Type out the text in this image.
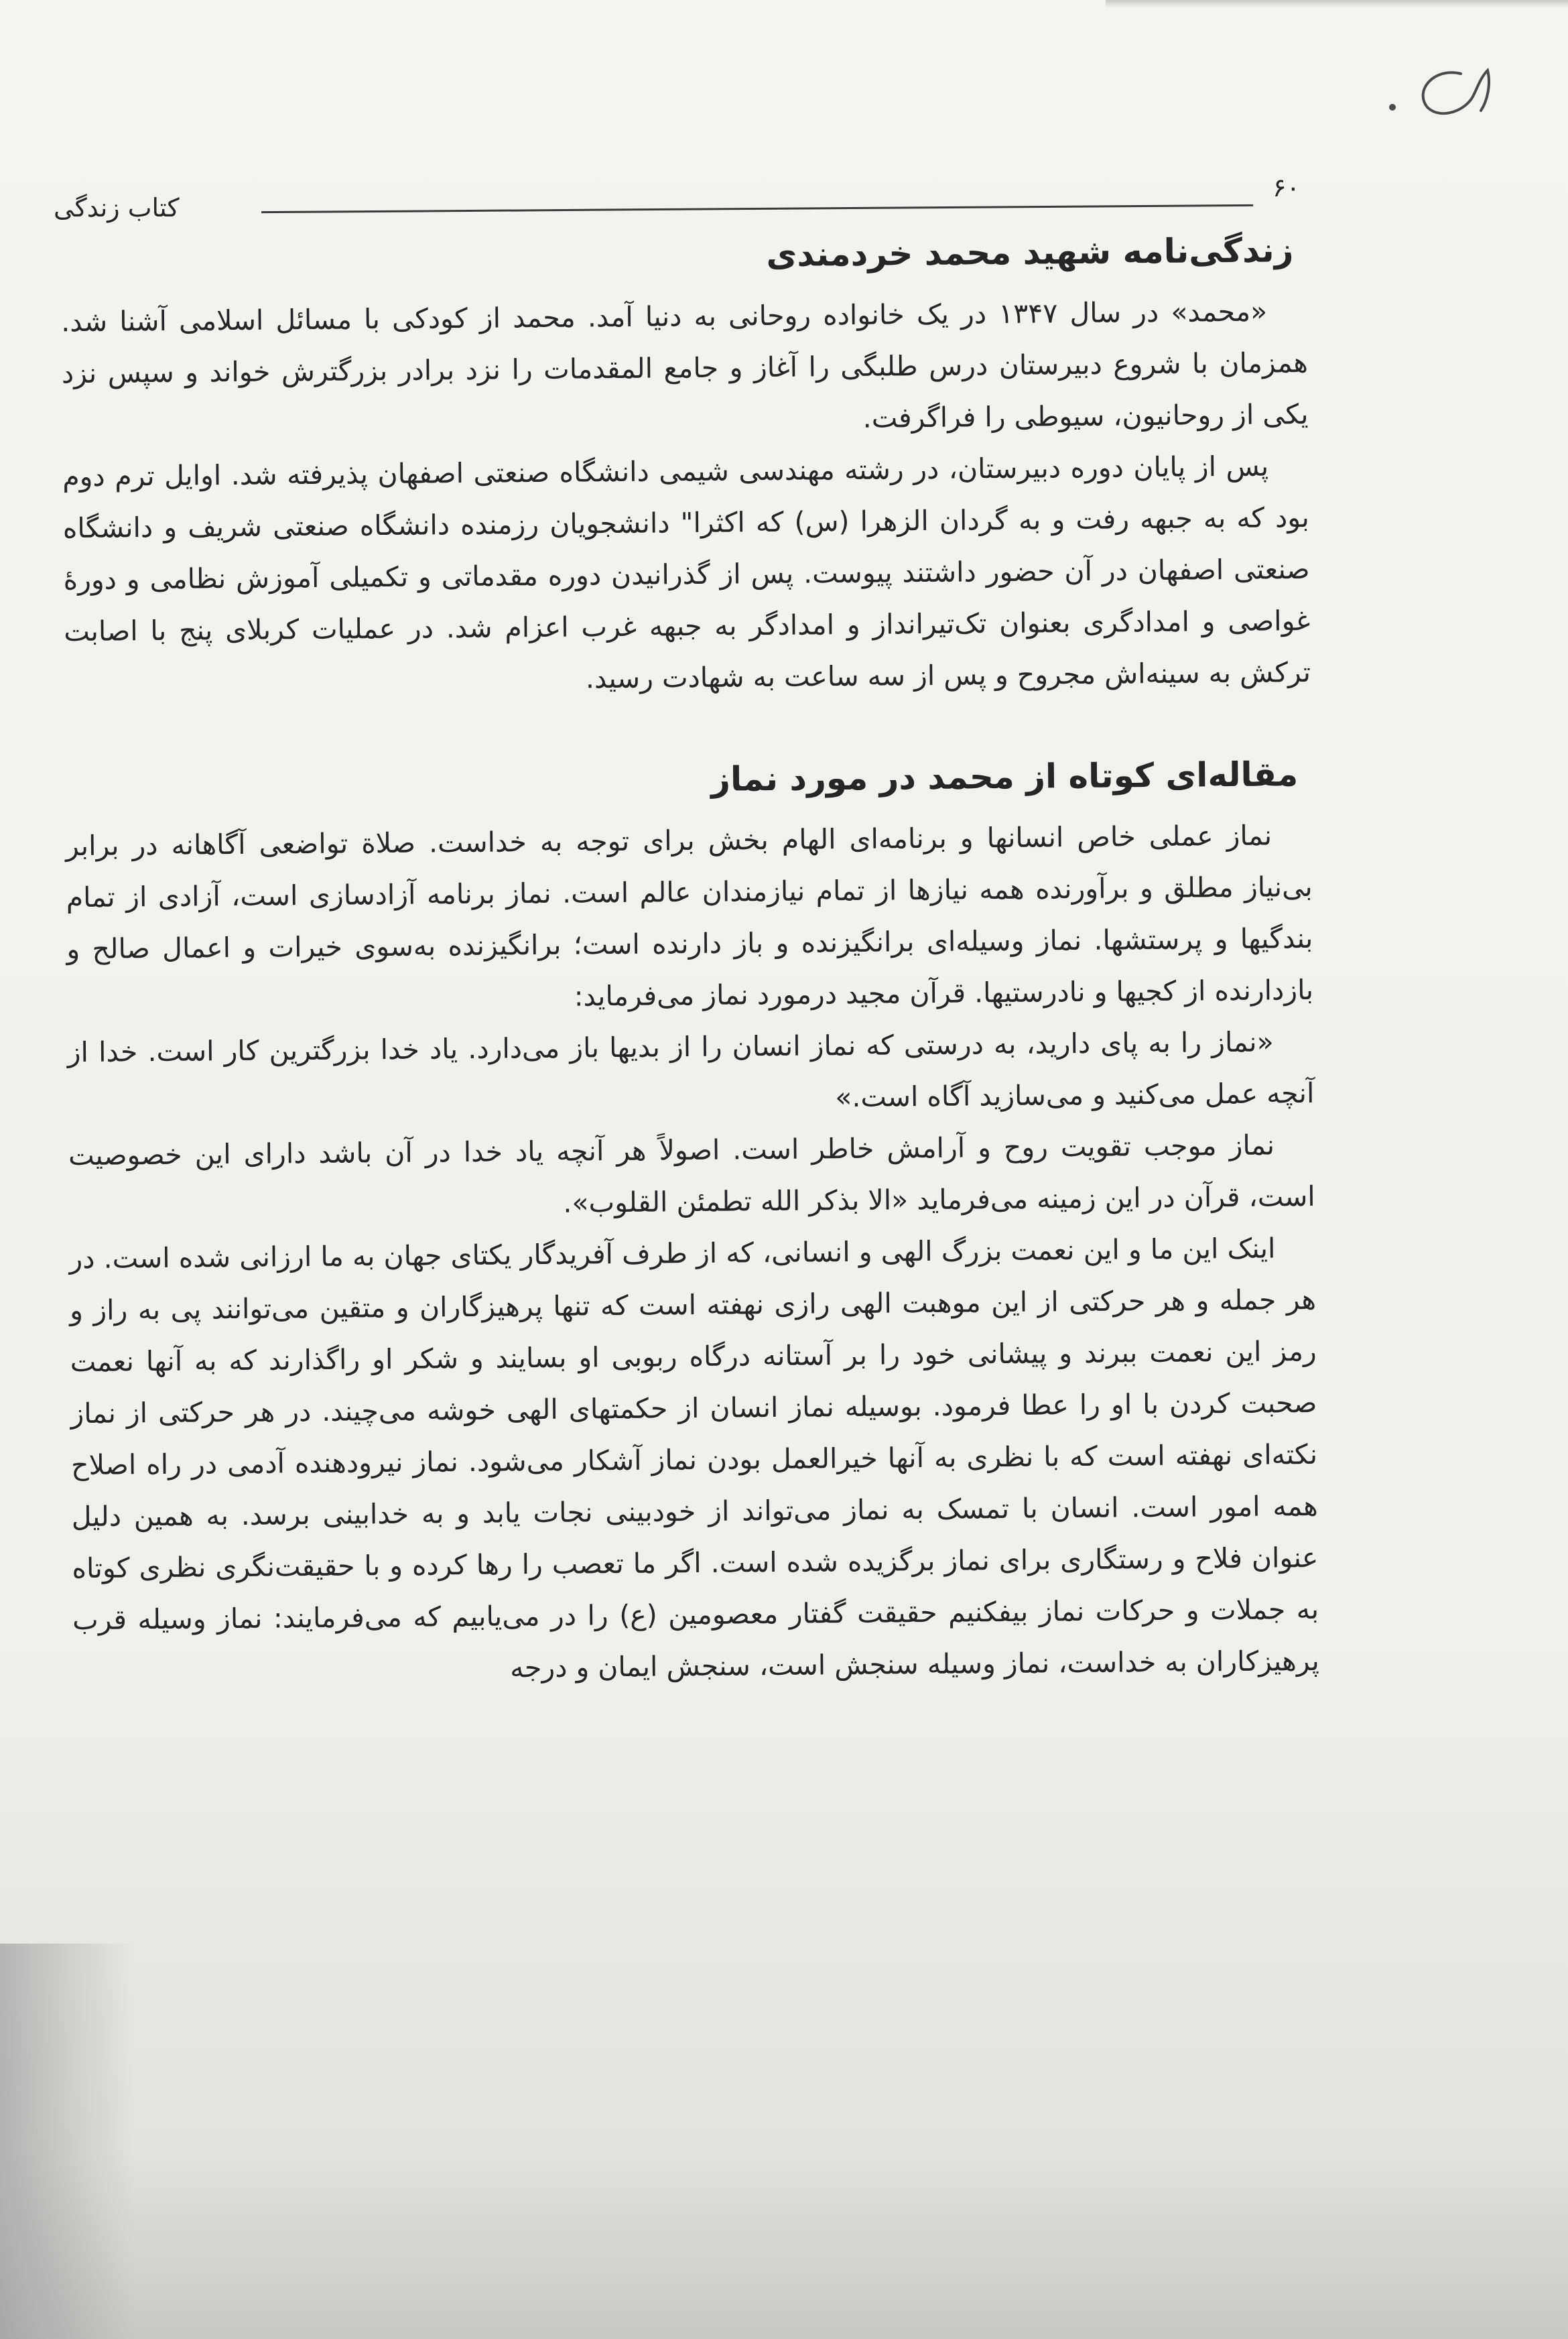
۶۰
کتاب زندگی
زندگی‌نامه شهید محمد خردمندی

«محمد» در سال ۱۳۴۷ در یک خانواده روحانی به دنیا آمد. محمد از کودکی با مسائل اسلامی آشنا شد. همزمان با شروع دبیرستان درس طلبگی را آغاز و جامع المقدمات را نزد برادر بزرگترش خواند و سپس نزد یکی از روحانیون، سیوطی را فراگرفت.

پس از پایان دوره دبیرستان، در رشته مهندسی شیمی دانشگاه صنعتی اصفهان پذیرفته شد. اوایل ترم دوم بود که به جبهه رفت و به گردان الزهرا (س) که اکثرا" دانشجویان رزمنده دانشگاه صنعتی شریف و دانشگاه صنعتی اصفهان در آن حضور داشتند پیوست. پس از گذرانیدن دوره مقدماتی و تکمیلی آموزش نظامی و دورهٔ غواصی و امدادگری بعنوان تک‌تیرانداز و امدادگر به جبهه غرب اعزام شد. در عملیات کربلای پنج با اصابت ترکش به سینه‌اش مجروح و پس از سه ساعت به شهادت رسید.

مقاله‌ای کوتاه از محمد در مورد نماز

نماز عملی خاص انسانها و برنامه‌ای الهام بخش برای توجه به خداست. صلاة تواضعی آگاهانه در برابر بی‌نیاز مطلق و برآورنده همه نیازها از تمام نیازمندان عالم است. نماز برنامه آزادسازی است، آزادی از تمام بندگیها و پرستشها. نماز وسیله‌ای برانگیزنده و باز دارنده است؛ برانگیزنده به‌سوی خیرات و اعمال صالح و بازدارنده از کجیها و نادرستیها. قرآن مجید درمورد نماز می‌فرماید:

«نماز را به پای دارید، به درستی که نماز انسان را از بدیها باز می‌دارد. یاد خدا بزرگترین کار است. خدا از آنچه عمل می‌کنید و می‌سازید آگاه است.»

نماز موجب تقویت روح و آرامش خاطر است. اصولاً هر آنچه یاد خدا در آن باشد دارای این خصوصیت است، قرآن در این زمینه می‌فرماید «الا بذکر الله تطمئن القلوب».

اینک این ما و این نعمت بزرگ الهی و انسانی، که از طرف آفریدگار یکتای جهان به ما ارزانی شده است. در هر جمله و هر حرکتی از این موهبت الهی رازی نهفته است که تنها پرهیزگاران و متقین می‌توانند پی به راز و رمز این نعمت ببرند و پیشانی خود را بر آستانه درگاه ربوبی او بسایند و شکر او راگذارند که به آنها نعمت صحبت کردن با او را عطا فرمود. بوسیله نماز انسان از حکمتهای الهی خوشه می‌چیند. در هر حرکتی از نماز نکته‌ای نهفته است که با نظری به آنها خیرالعمل بودن نماز آشکار می‌شود. نماز نیرودهنده آدمی در راه اصلاح همه امور است. انسان با تمسک به نماز می‌تواند از خودبینی نجات یابد و به خدابینی برسد. به همین دلیل عنوان فلاح و رستگاری برای نماز برگزیده شده است. اگر ما تعصب را رها کرده و با حقیقت‌نگری نظری کوتاه به جملات و حرکات نماز بیفکنیم حقیقت گفتار معصومین (ع) را در می‌یابیم که می‌فرمایند: نماز وسیله قرب پرهیزکاران به خداست، نماز وسیله سنجش است، سنجش ایمان و درجه
